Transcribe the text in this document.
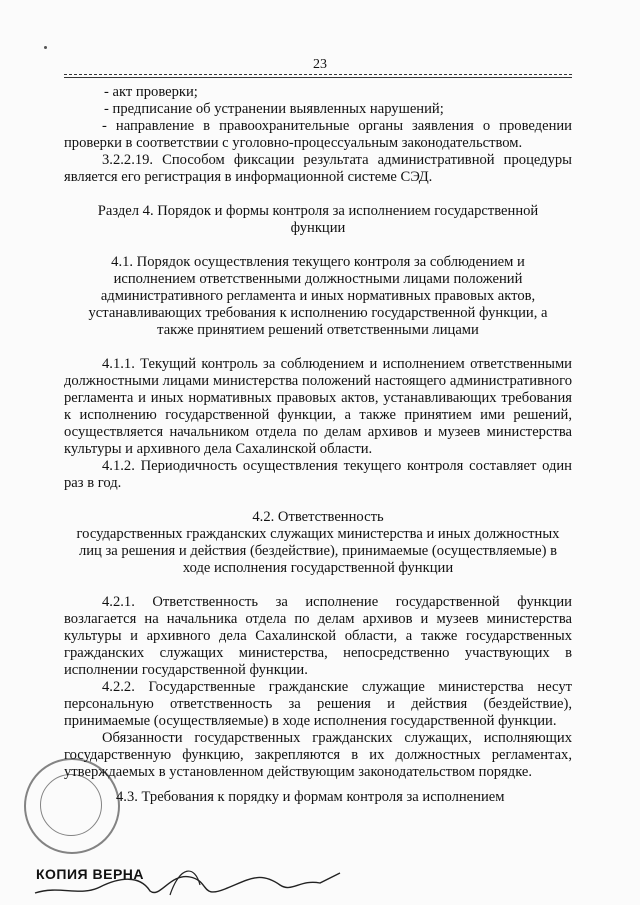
23

- акт проверки;

- предписание об устранении выявленных нарушений;

- направление в правоохранительные органы заявления о проведении проверки в соответствии с уголовно-процессуальным законодательством.

3.2.2.19. Способом фиксации результата административной процедуры является его регистрация в информационной системе СЭД.

Раздел 4. Порядок и формы контроля за исполнением государственной функции

4.1. Порядок осуществления текущего контроля за соблюдением и исполнением ответственными должностными лицами положений административного регламента и иных нормативных правовых актов, устанавливающих требования к исполнению государственной функции, а также принятием решений ответственными лицами

4.1.1. Текущий контроль за соблюдением и исполнением ответственными должностными лицами министерства положений настоящего административного регламента и иных нормативных правовых актов, устанавливающих требования к исполнению государственной функции, а также принятием ими решений, осуществляется начальником отдела по делам архивов и музеев министерства культуры и архивного дела Сахалинской области.

4.1.2. Периодичность осуществления текущего контроля составляет один раз в год.

4.2. Ответственность

государственных гражданских служащих министерства и иных должностных лиц за решения и действия (бездействие), принимаемые (осуществляемые) в ходе исполнения государственной функции

4.2.1. Ответственность за исполнение государственной функции возлагается на начальника отдела по делам архивов и музеев министерства культуры и архивного дела Сахалинской области, а также государственных гражданских служащих министерства, непосредственно участвующих в исполнении государственной функции.

4.2.2. Государственные гражданские служащие министерства несут персональную ответственность за решения и действия (бездействие), принимаемые (осуществляемые) в ходе исполнения государственной функции.

Обязанности государственных гражданских служащих, исполняющих государственную функцию, закрепляются в их должностных регламентах, утверждаемых в установленном действующим законодательством порядке.

4.3. Требования к порядку и формам контроля за исполнением

КОПИЯ ВЕРНА
